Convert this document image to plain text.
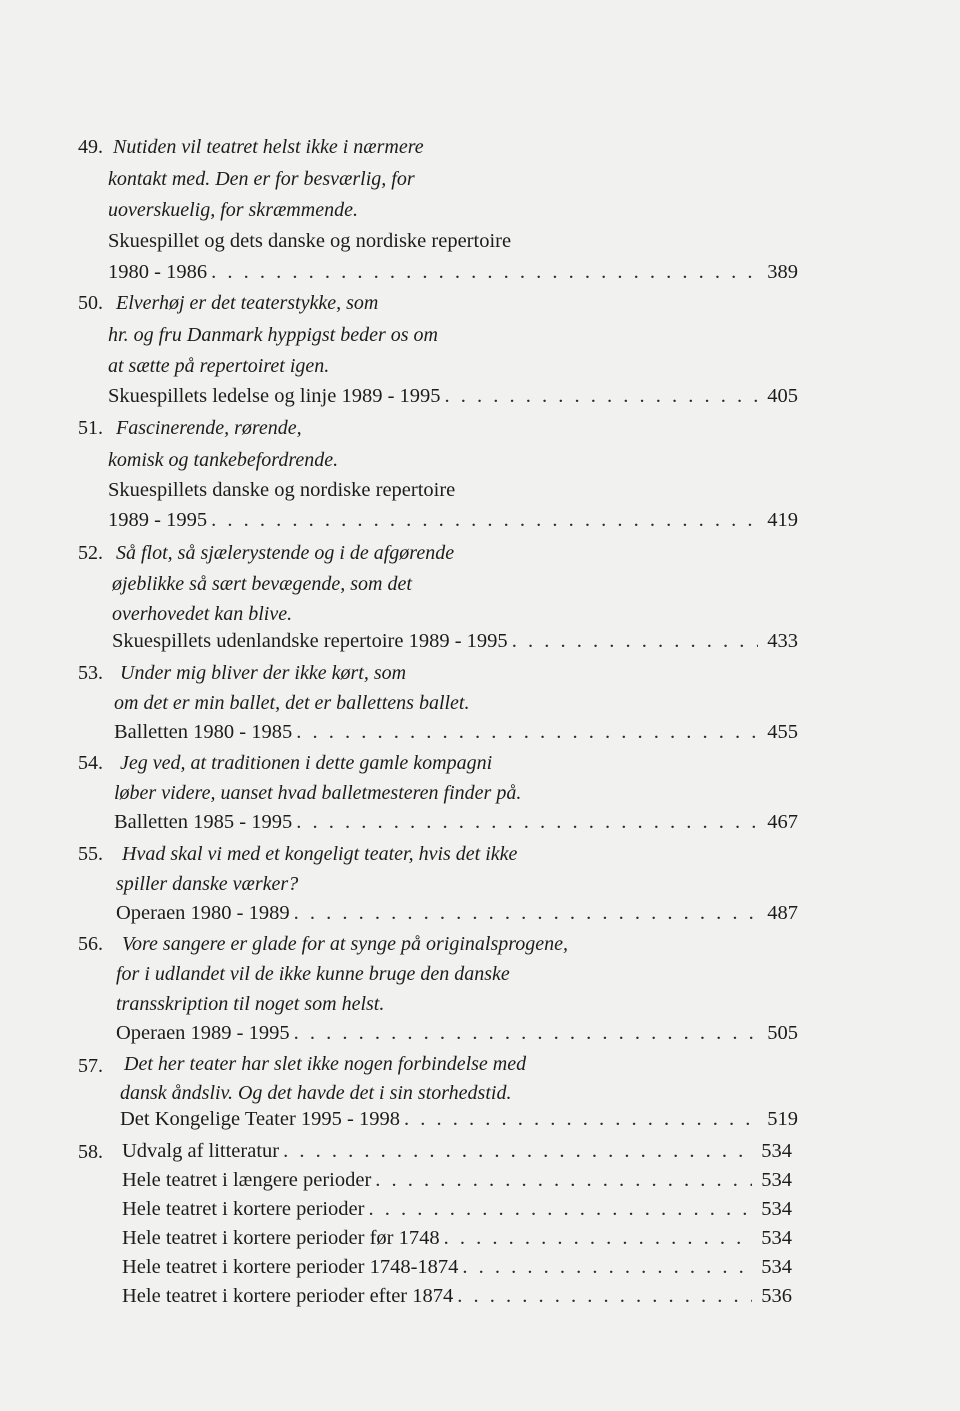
49. Nutiden vil teatret helst ikke i nærmere
kontakt med. Den er for besværlig, for
uoverskuelig, for skræmmende.
Skuespillet og dets danske og nordiske repertoire
1980 - 1986 . . .	389
50. Elverhøj er det teaterstykke, som
hr. og fru Danmark hyppigst beder os om
at sætte på repertoiret igen.
Skuespillets ledelse og linje 1989 - 1995 . . .	405
51. Fascinerende, rørende,
komisk og tankebefordrende.
Skuespillets danske og nordiske repertoire
1989 - 1995 . . .	419
52. Så flot, så sjælerystende og i de afgørende
øjeblikke så sært bevægende, som det
overhovedet kan blive.
Skuespillets udenlandske repertoire 1989 - 1995 . . .	433
53. Under mig bliver der ikke kørt, som
om det er min ballet, det er ballettens ballet.
Balletten 1980 - 1985 . . .	455
54. Jeg ved, at traditionen i dette gamle kompagni
løber videre, uanset hvad balletmesteren finder på.
Balletten 1985 - 1995 . . .	467
55. Hvad skal vi med et kongeligt teater, hvis det ikke
spiller danske værker?
Operaen 1980 - 1989 . . .	487
56. Vore sangere er glade for at synge på originalsprogene,
for i udlandet vil de ikke kunne bruge den danske
transskription til noget som helst.
Operaen 1989 - 1995 . . .	505
57. Det her teater har slet ikke nogen forbindelse med
dansk åndsliv. Og det havde det i sin storhedstid.
Det Kongelige Teater 1995 - 1998 . . .	519
58. Udvalg af litteratur . . .	534
Hele teatret i længere perioder . . .	534
Hele teatret i kortere perioder . . .	534
Hele teatret i kortere perioder før 1748 . . .	534
Hele teatret i kortere perioder 1748-1874 . . .	534
Hele teatret i kortere perioder efter 1874 . . .	536
